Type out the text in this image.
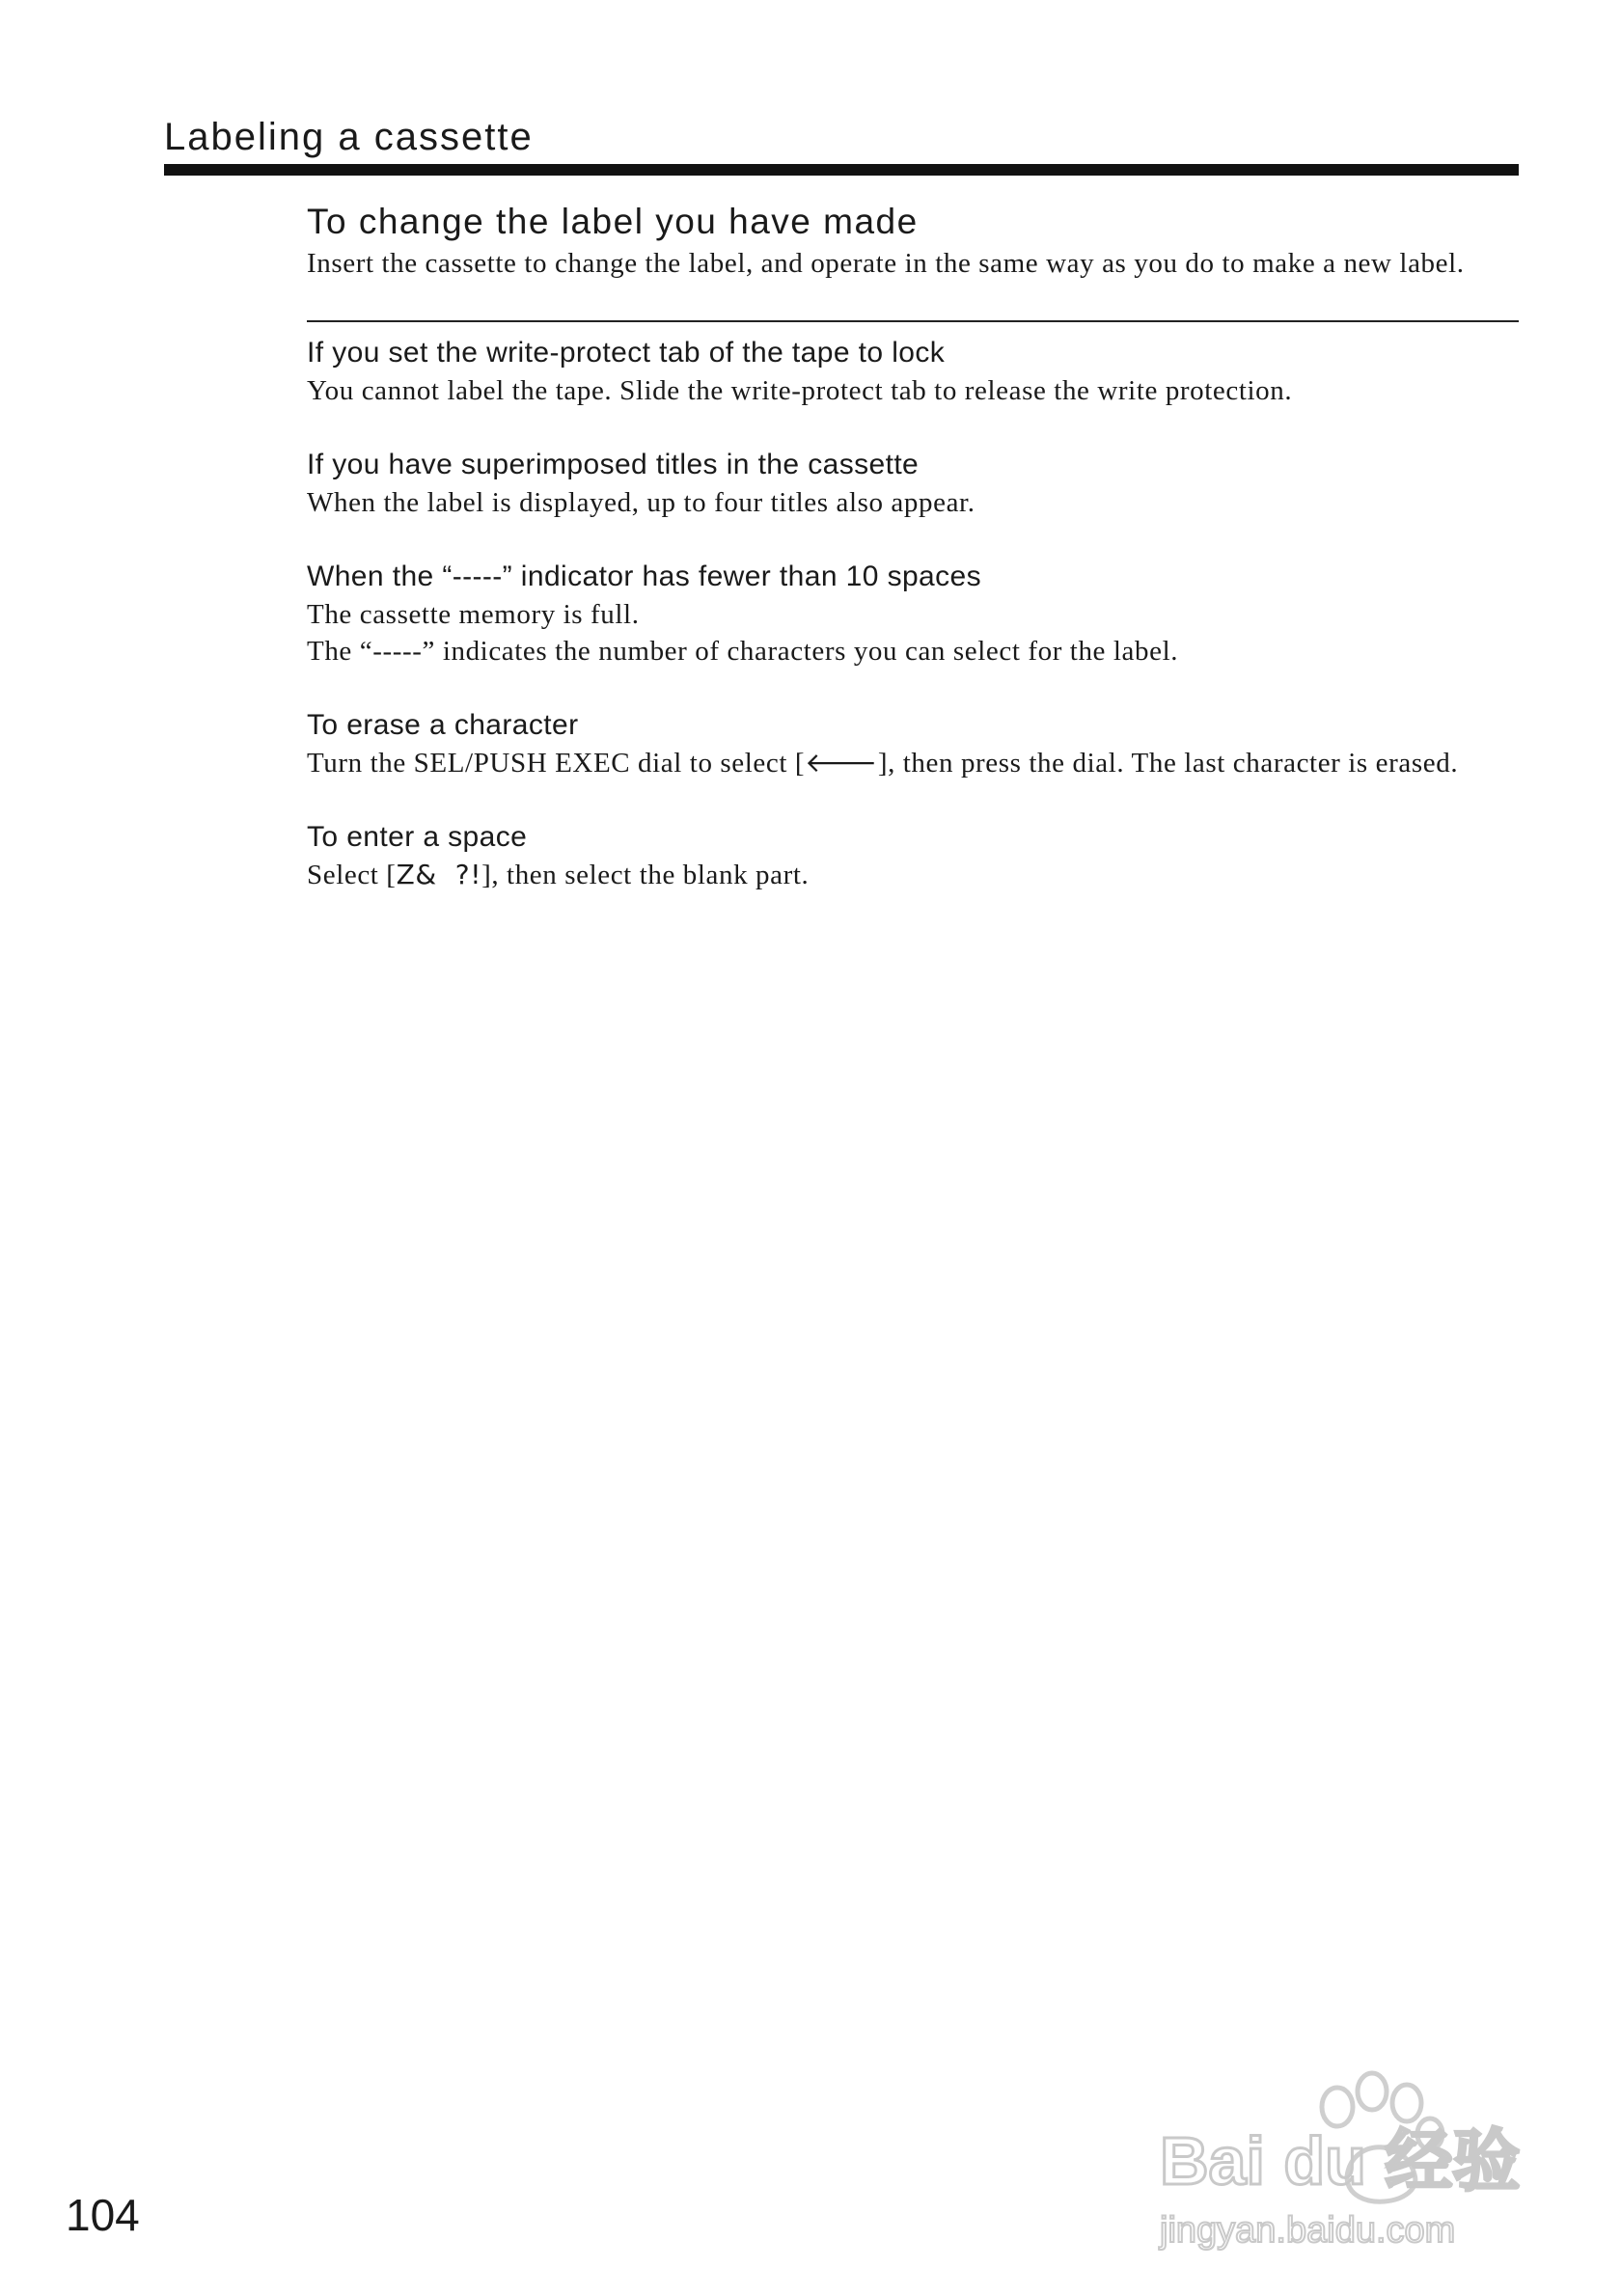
Labeling a cassette
To change the label you have made

Insert the cassette to change the label, and operate in the same way as you do to make a new label.

If you set the write-protect tab of the tape to lock

You cannot label the tape. Slide the write-protect tab to release the write protection.

If you have superimposed titles in the cassette

When the label is displayed, up to four titles also appear.

When the “-----” indicator has fewer than 10 spaces

The cassette memory is full.

The “-----” indicates the number of characters you can select for the label.

To erase a character

Turn the SEL/PUSH EXEC dial to select [🡐], then press the dial. The last character is erased.

To enter a space

Select [Z&  ?!], then select the blank part.

104
Bai du 经验
jingyan.baidu.com
